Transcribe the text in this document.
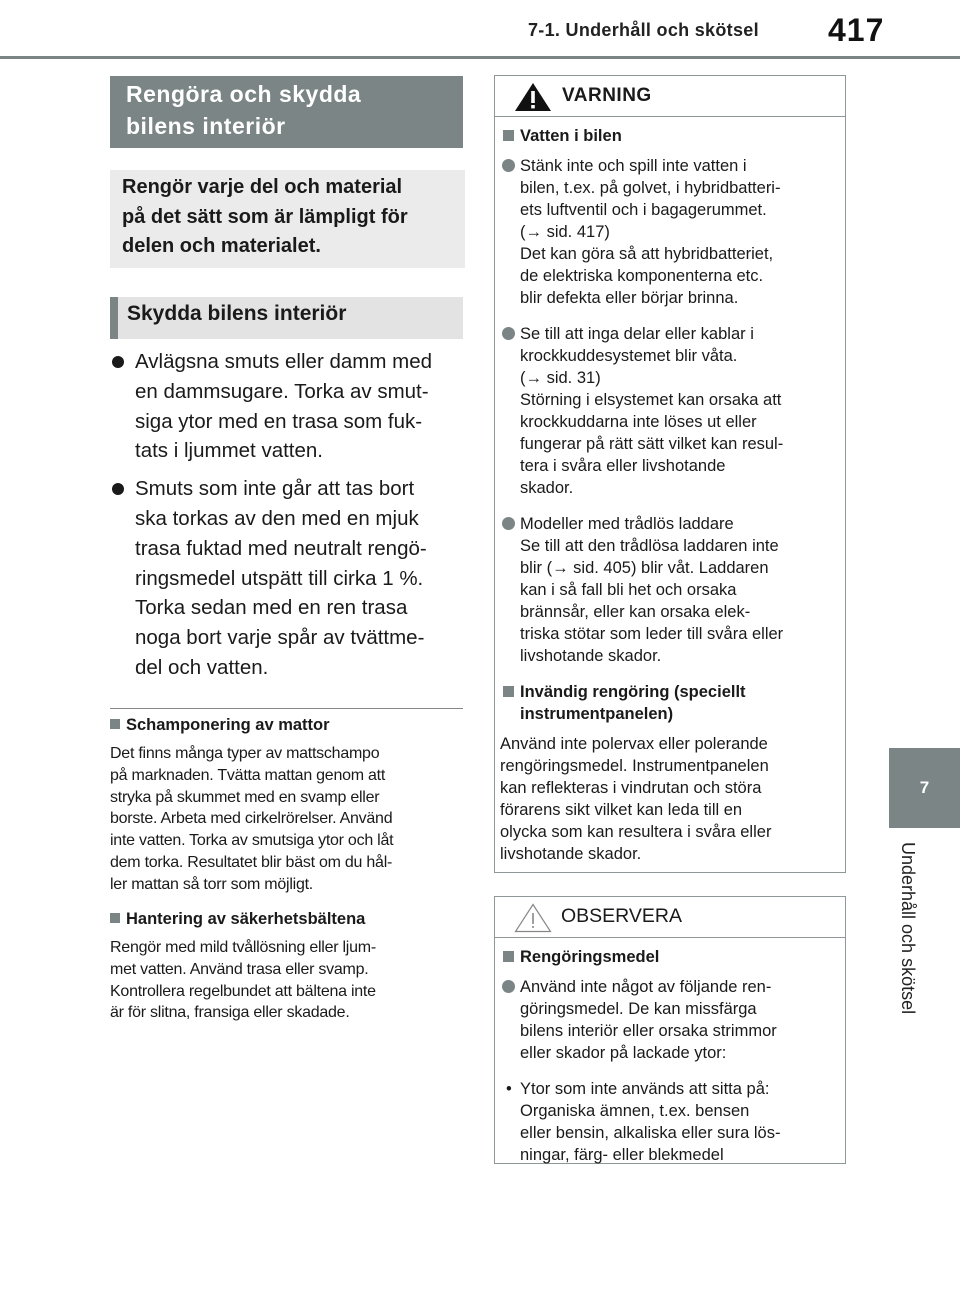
7-1. Underhåll och skötsel 417
7
Underhåll och skötsel
Rengöra och skydda
bilens interiör
Rengör varje del och material
på det sätt som är lämpligt för
delen och materialet.
Skydda bilens interiör
Avlägsna smuts eller damm med
en dammsugare. Torka av smut-
siga ytor med en trasa som fuk-
tats i ljummet vatten.
Smuts som inte går att tas bort
ska torkas av den med en mjuk
trasa fuktad med neutralt rengö-
ringsmedel utspätt till cirka 1 %.
Torka sedan med en ren trasa
noga bort varje spår av tvättme-
del och vatten.
Schamponering av mattor
Det finns många typer av mattschampo
på marknaden. Tvätta mattan genom att
stryka på skummet med en svamp eller
borste. Arbeta med cirkelrörelser. Använd
inte vatten. Torka av smutsiga ytor och låt
dem torka. Resultatet blir bäst om du hål-
ler mattan så torr som möjligt.
Hantering av säkerhetsbältena
Rengör med mild tvållösning eller ljum-
met vatten. Använd trasa eller svamp.
Kontrollera regelbundet att bältena inte
är för slitna, fransiga eller skadade.
VARNING
Vatten i bilen
Stänk inte och spill inte vatten i
bilen, t.ex. på golvet, i hybridbatteri-
ets luftventil och i bagagerummet.
(→ sid. 417)
Det kan göra så att hybridbatteriet,
de elektriska komponenterna etc.
blir defekta eller börjar brinna.
Se till att inga delar eller kablar i
krockkuddesystemet blir våta.
(→ sid. 31)
Störning i elsystemet kan orsaka att
krockkuddarna inte löses ut eller
fungerar på rätt sätt vilket kan resul-
tera i svåra eller livshotande
skador.
Modeller med trådlös laddare
Se till att den trådlösa laddaren inte
blir (→ sid. 405) blir våt. Laddaren
kan i så fall bli het och orsaka
brännsår, eller kan orsaka elek-
triska stötar som leder till svåra eller
livshotande skador.
Invändig rengöring (speciellt
instrumentpanelen)
Använd inte polervax eller polerande
rengöringsmedel. Instrumentpanelen
kan reflekteras i vindrutan och störa
förarens sikt vilket kan leda till en
olycka som kan resultera i svåra eller
livshotande skador.
OBSERVERA
Rengöringsmedel
Använd inte något av följande ren-
göringsmedel. De kan missfärga
bilens interiör eller orsaka strimmor
eller skador på lackade ytor:
• Ytor som inte används att sitta på:
Organiska ämnen, t.ex. bensen
eller bensin, alkaliska eller sura lös-
ningar, färg- eller blekmedel
